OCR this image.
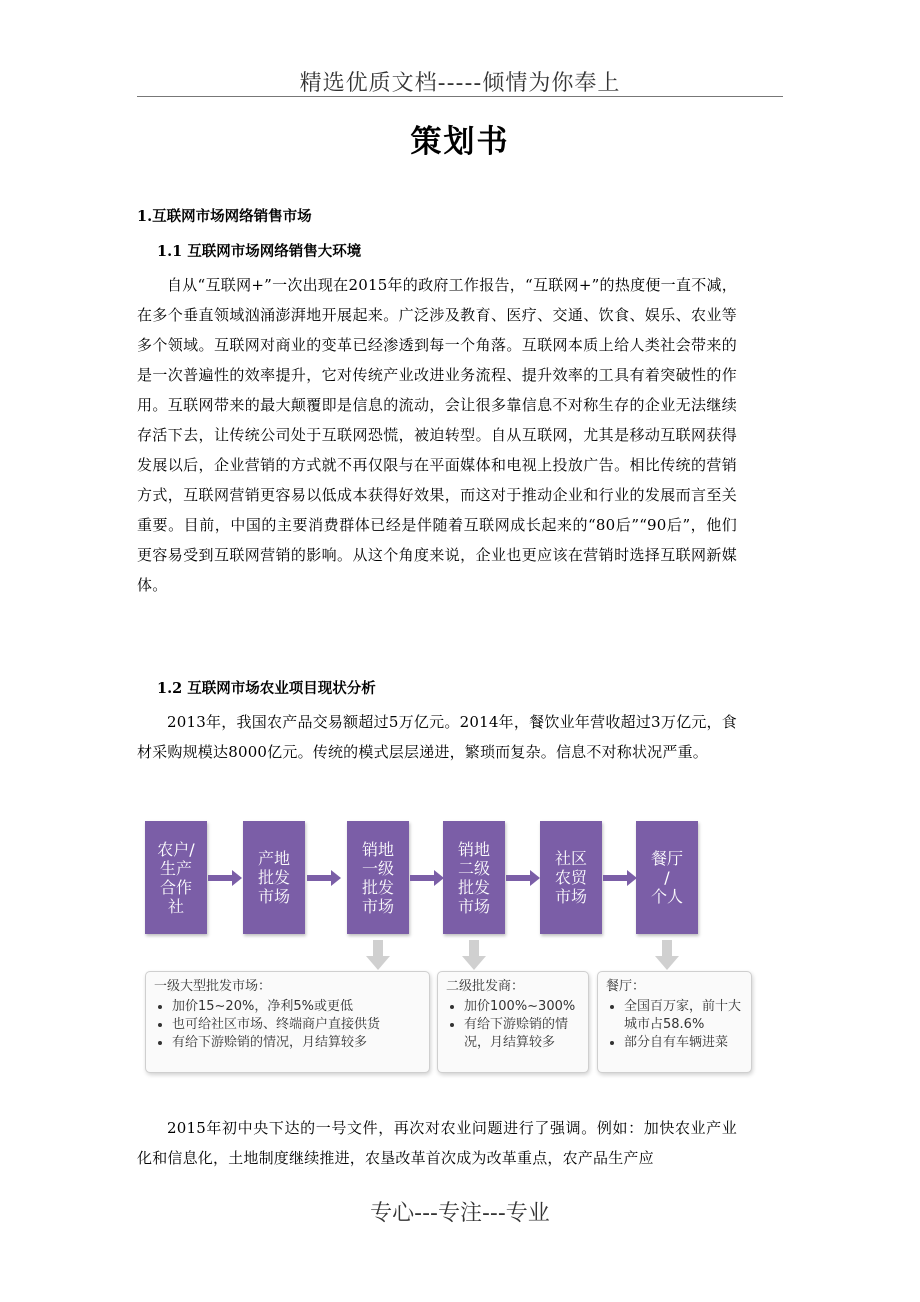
精选优质文档-----倾情为你奉上
策划书
1.互联网市场网络销售市场
1.1 互联网市场网络销售大环境
自从“互联网+”一次出现在2015年的政府工作报告，“互联网+”的热度便一直不减，在多个垂直领域汹涌澎湃地开展起来。广泛涉及教育、医疗、交通、饮食、娱乐、农业等多个领域。互联网对商业的变革已经渗透到每一个角落。互联网本质上给人类社会带来的是一次普遍性的效率提升，它对传统产业改进业务流程、提升效率的工具有着突破性的作用。互联网带来的最大颠覆即是信息的流动，会让很多靠信息不对称生存的企业无法继续存活下去，让传统公司处于互联网恐慌，被迫转型。自从互联网，尤其是移动互联网获得发展以后，企业营销的方式就不再仅限与在平面媒体和电视上投放广告。相比传统的营销方式，互联网营销更容易以低成本获得好效果，而这对于推动企业和行业的发展而言至关重要。目前，中国的主要消费群体已经是伴随着互联网成长起来的“80后”“90后”，他们更容易受到互联网营销的影响。从这个角度来说，企业也更应该在营销时选择互联网新媒体。
1.2 互联网市场农业项目现状分析
2013年，我国农产品交易额超过5万亿元。2014年，餐饮业年营收超过3万亿元，食材采购规模达8000亿元。传统的模式层层递进，繁琐而复杂。信息不对称状况严重。
农户/
生产
合作
社
产地
批发
市场
销地
一级
批发
市场
销地
二级
批发
市场
社区
农贸
市场
餐厅
/
个人
一级大型批发市场：
• 加价15~20%，净利5%或更低
• 也可给社区市场、终端商户直接供货
• 有给下游赊销的情况，月结算较多
二级批发商：
• 加价100%~300%
• 有给下游赊销的情况，月结算较多
餐厅：
• 全国百万家，前十大城市占58.6%
• 部分自有车辆进菜
2015年初中央下达的一号文件，再次对农业问题进行了强调。例如：加快农业产业化和信息化，土地制度继续推进，农垦改革首次成为改革重点，农产品生产应
专心---专注---专业
